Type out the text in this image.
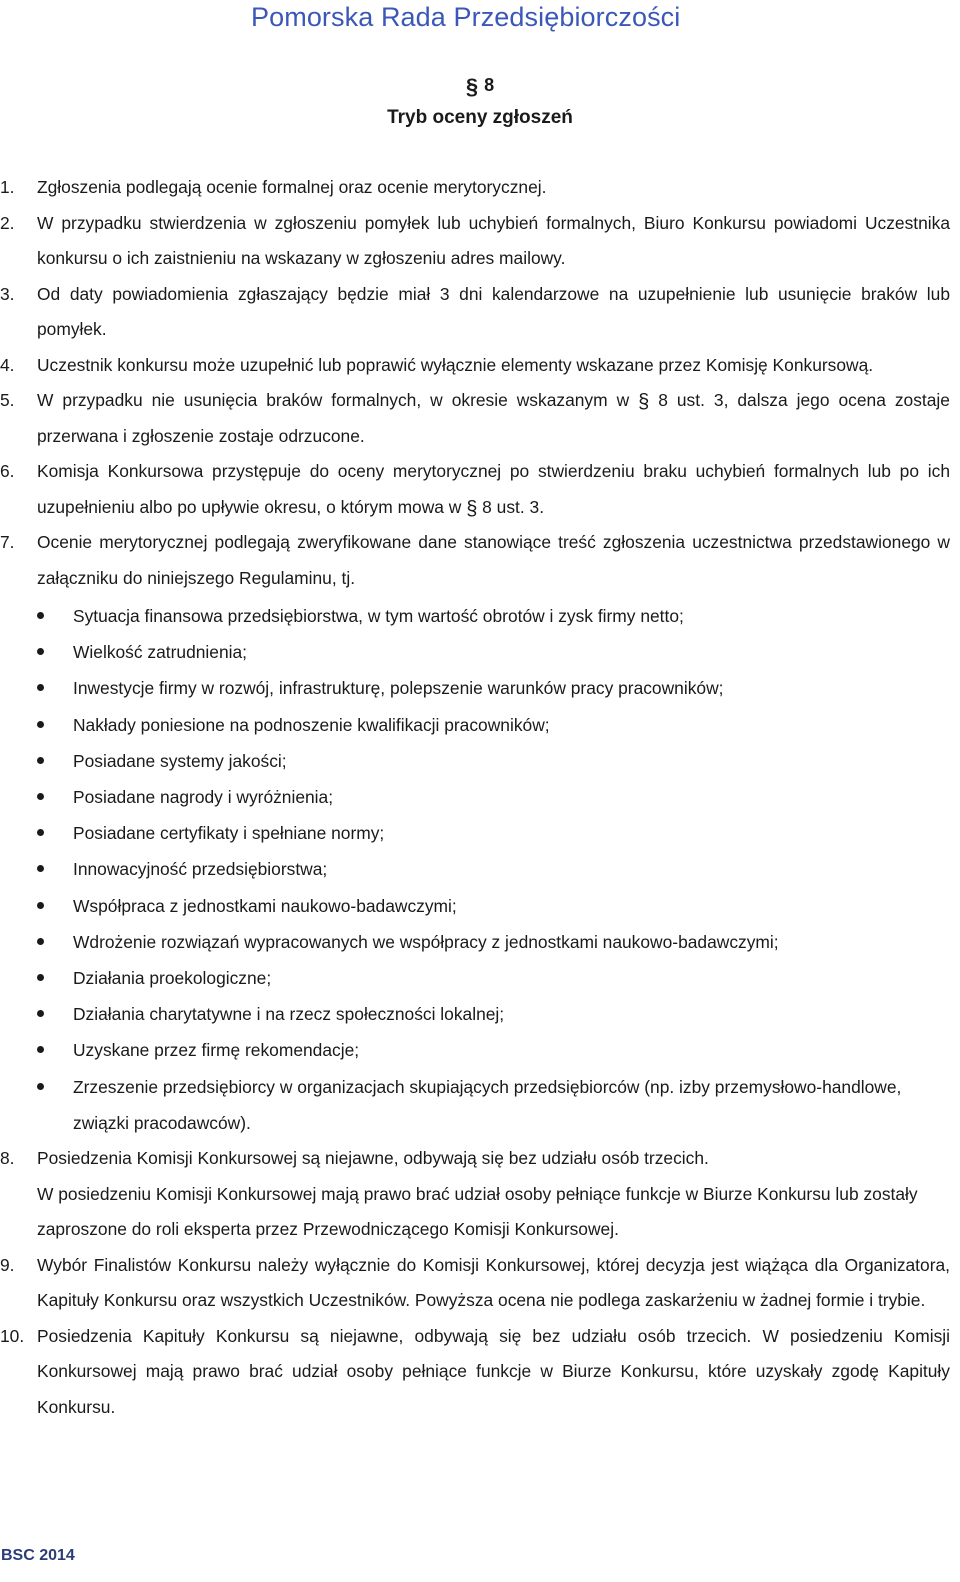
Pomorska Rada Przedsiębiorczości
§ 8
Tryb oceny zgłoszeń

1. Zgłoszenia podlegają ocenie formalnej oraz ocenie merytorycznej.

2. W przypadku stwierdzenia w zgłoszeniu pomyłek lub uchybień formalnych, Biuro Konkursu powiadomi Uczestnika konkursu o ich zaistnieniu na wskazany w zgłoszeniu adres mailowy.

3. Od daty powiadomienia zgłaszający będzie miał 3 dni kalendarzowe na uzupełnienie lub usunięcie braków lub pomyłek.

4. Uczestnik konkursu może uzupełnić lub poprawić wyłącznie elementy wskazane przez Komisję Konkursową.

5. W przypadku nie usunięcia braków formalnych, w okresie wskazanym w § 8 ust. 3, dalsza jego ocena zostaje przerwana i zgłoszenie zostaje odrzucone.

6. Komisja Konkursowa przystępuje do oceny merytorycznej po stwierdzeniu braku uchybień formalnych lub po ich uzupełnieniu albo po upływie okresu, o którym mowa w § 8 ust. 3.

7. Ocenie merytorycznej podlegają zweryfikowane dane stanowiące treść zgłoszenia uczestnictwa przedstawionego w załączniku do niniejszego Regulaminu, tj.

Sytuacja finansowa przedsiębiorstwa, w tym wartość obrotów i zysk firmy netto;
Wielkość zatrudnienia;
Inwestycje firmy w rozwój, infrastrukturę, polepszenie warunków pracy pracowników;
Nakłady poniesione na podnoszenie kwalifikacji pracowników;
Posiadane systemy jakości;
Posiadane nagrody i wyróżnienia;
Posiadane certyfikaty i spełniane normy;
Innowacyjność przedsiębiorstwa;
Współpraca z jednostkami naukowo-badawczymi;
Wdrożenie rozwiązań wypracowanych we współpracy z jednostkami naukowo-badawczymi;
Działania proekologiczne;
Działania charytatywne i na rzecz społeczności lokalnej;
Uzyskane przez firmę rekomendacje;
Zrzeszenie przedsiębiorcy w organizacjach skupiających przedsiębiorców (np. izby przemysłowo-handlowe, związki pracodawców).
8. Posiedzenia Komisji Konkursowej są niejawne, odbywają się bez udziału osób trzecich.
W posiedzeniu Komisji Konkursowej mają prawo brać udział osoby pełniące funkcje w Biurze Konkursu lub zostały zaproszone do roli eksperta przez Przewodniczącego Komisji Konkursowej.

9. Wybór Finalistów Konkursu należy wyłącznie do Komisji Konkursowej, której decyzja jest wiążąca dla Organizatora, Kapituły Konkursu oraz wszystkich Uczestników. Powyższa ocena nie podlega zaskarżeniu w żadnej formie i trybie.

10. Posiedzenia Kapituły Konkursu są niejawne, odbywają się bez udziału osób trzecich. W posiedzeniu Komisji Konkursowej mają prawo brać udział osoby pełniące funkcje w Biurze Konkursu, które uzyskały zgodę Kapituły Konkursu.

BSC 2014
